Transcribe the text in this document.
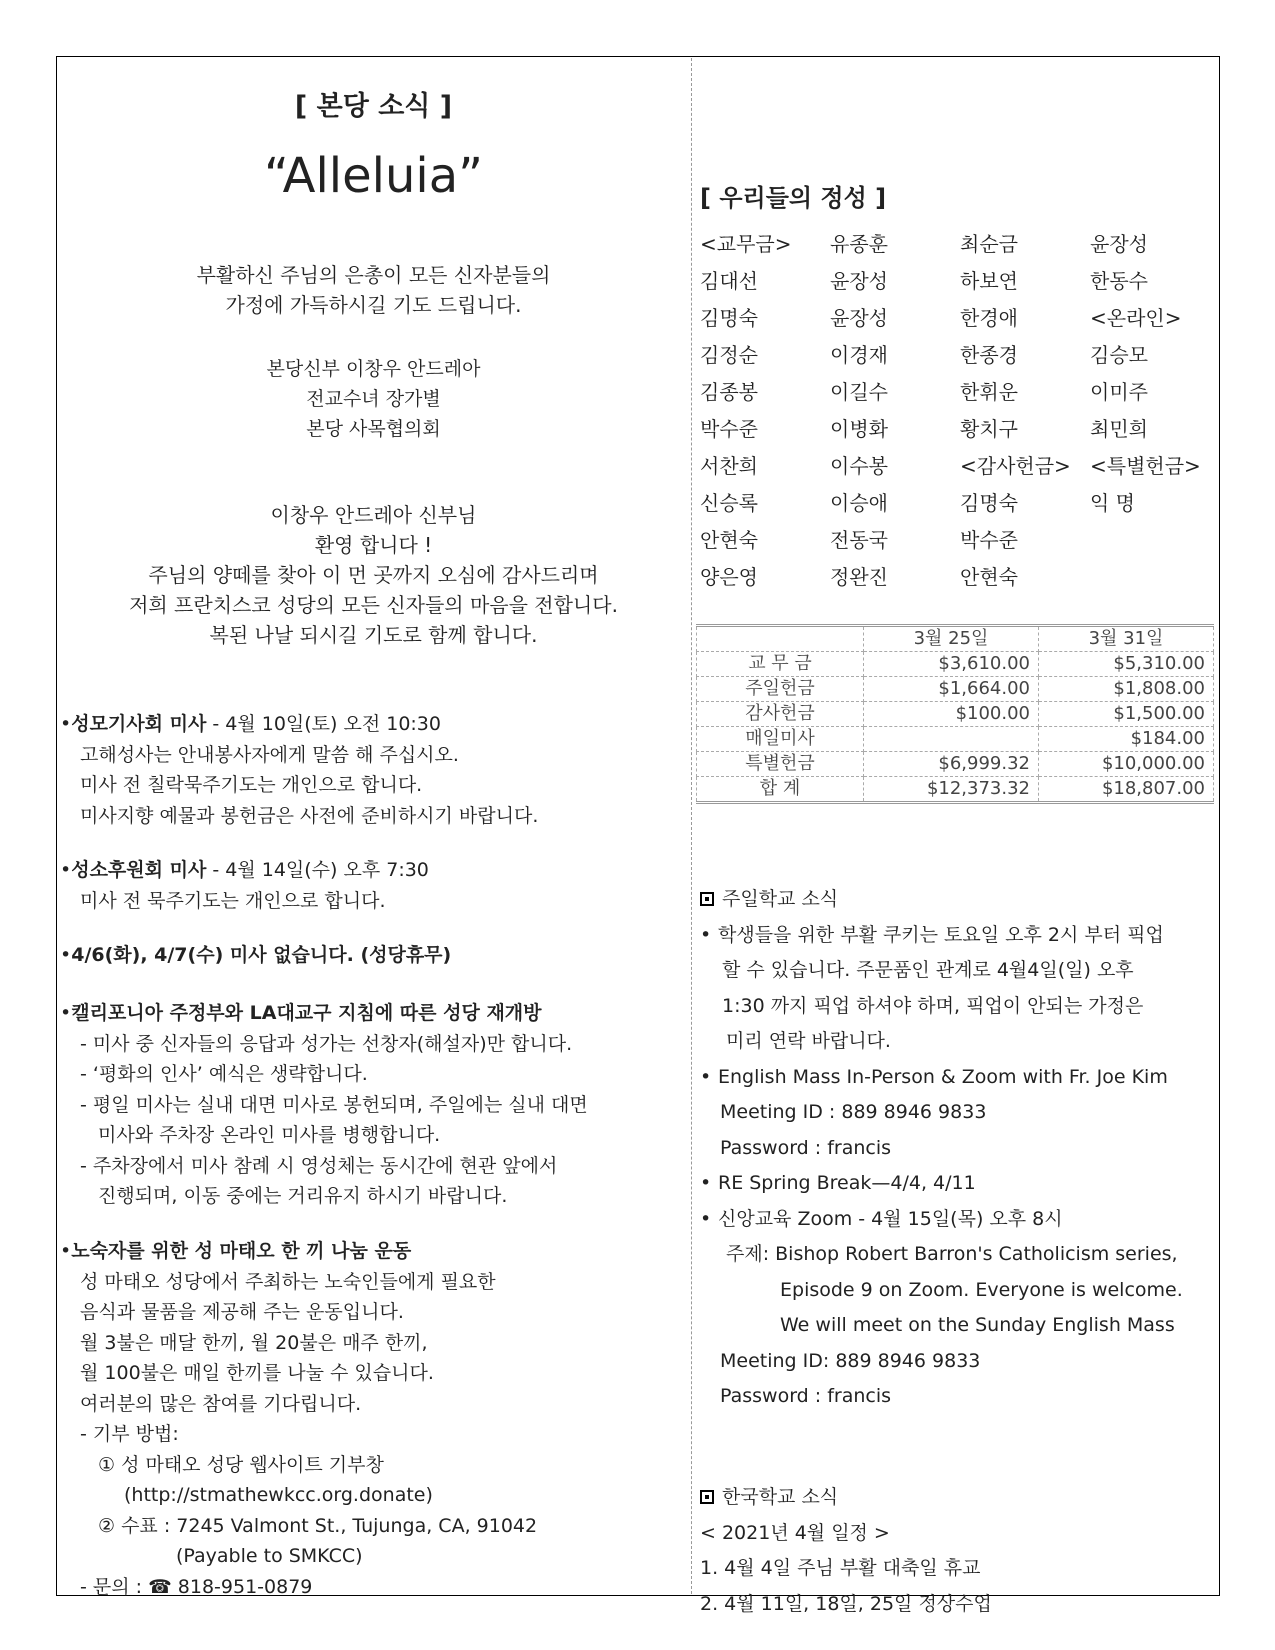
[ 본당 소식 ]
“Alleluia”
부활하신 주님의 은총이 모든 신자분들의
가정에 가득하시길 기도 드립니다.
본당신부 이창우 안드레아
전교수녀 장가별
본당 사목협의회
이창우 안드레아 신부님
환영 합니다 !
주님의 양떼를 찾아 이 먼 곳까지 오심에 감사드리며
저희 프란치스코 성당의 모든 신자들의 마음을 전합니다.
복된 나날 되시길 기도로 함께 합니다.
•성모기사회 미사 - 4월 10일(토) 오전 10:30
고해성사는 안내봉사자에게 말씀 해 주십시오.
미사 전 칠락묵주기도는 개인으로 합니다.
미사지향 예물과 봉헌금은 사전에 준비하시기 바랍니다.
•성소후원회 미사 - 4월 14일(수) 오후 7:30
미사 전 묵주기도는 개인으로 합니다.
•4/6(화), 4/7(수) 미사 없습니다. (성당휴무)
•캘리포니아 주정부와 LA대교구 지침에 따른 성당 재개방
- 미사 중 신자들의 응답과 성가는 선창자(해설자)만 합니다.
- ‘평화의 인사’ 예식은 생략합니다.
- 평일 미사는 실내 대면 미사로 봉헌되며, 주일에는 실내 대면
미사와 주차장 온라인 미사를 병행합니다.
- 주차장에서 미사 참례 시 영성체는 동시간에 현관 앞에서
진행되며, 이동 중에는 거리유지 하시기 바랍니다.
•노숙자를 위한 성 마태오 한 끼 나눔 운동
성 마태오 성당에서 주최하는 노숙인들에게 필요한
음식과 물품을 제공해 주는 운동입니다.
월 3불은 매달 한끼, 월 20불은 매주 한끼,
월 100불은 매일 한끼를 나눌 수 있습니다.
여러분의 많은 참여를 기다립니다.
- 기부 방법:
① 성 마태오 성당 웹사이트 기부창
(http://stmathewkcc.org.donate)
② 수표 : 7245 Valmont St., Tujunga, CA, 91042
(Payable to SMKCC)
- 문의 : ☎ 818-951-0879
[ 우리들의 정성 ]
<교무금>	유종훈	최순금	윤장성
김대선	윤장성	하보연	한동수
김명숙	윤장성	한경애	<온라인>
김정순	이경재	한종경	김승모
김종봉	이길수	한휘운	이미주
박수준	이병화	황치구	최민희
서찬희	이수봉	<감사헌금> <특별헌금>
신승록	이승애	김명숙	익 명
안현숙	전동국	박수준
양은영	정완진	안현숙
	3월 25일	3월 31일
교 무 금	$3,610.00	$5,310.00
주일헌금	$1,664.00	$1,808.00
감사헌금	$100.00	$1,500.00
매일미사		$184.00
특별헌금	$6,999.32	$10,000.00
합 계	$12,373.32	$18,807.00
주일학교 소식
• 학생들을 위한 부활 쿠키는 토요일 오후 2시 부터 픽업
할 수 있습니다. 주문품인 관계로 4월4일(일) 오후
1:30 까지 픽업 하셔야 하며, 픽업이 안되는 가정은
미리 연락 바랍니다.
• English Mass In-Person & Zoom with Fr. Joe Kim
Meeting ID : 889 8946 9833
Password : francis
• RE Spring Break—4/4, 4/11
• 신앙교육 Zoom - 4월 15일(목) 오후 8시
주제: Bishop Robert Barron's Catholicism series,
Episode 9 on Zoom. Everyone is welcome.
We will meet on the Sunday English Mass
Meeting ID: 889 8946 9833
Password : francis
한국학교 소식
< 2021년 4월 일정 >
1. 4월 4일 주님 부활 대축일 휴교
2. 4월 11일, 18일, 25일 정상수업
